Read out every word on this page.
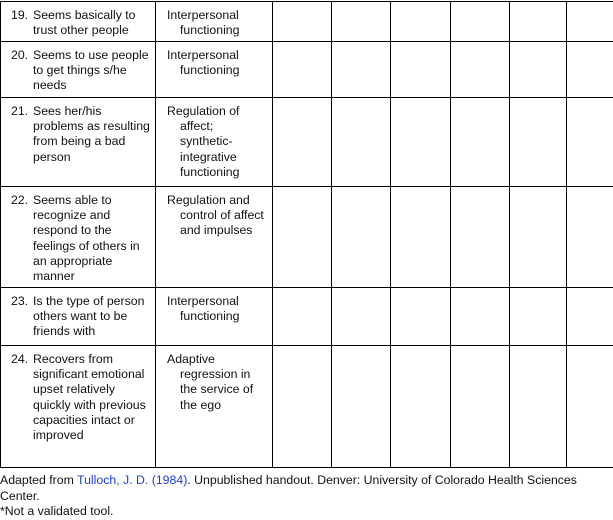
19. Seems basically to trust other people	Interpersonal functioning						

20. Seems to use people to get things s/he needs	Interpersonal functioning						

21. Sees her/his problems as resulting from being a bad person	Regulation of affect; synthetic-integrative functioning						

22. Seems able to recognize and respond to the feelings of others in an appropriate manner	Regulation and control of affect and impulses						

23. Is the type of person others want to be friends with	Interpersonal functioning						

24. Recovers from significant emotional upset relatively quickly with previous capacities intact or improved	Adaptive regression in the service of the ego						

Adapted from Tulloch, J. D. (1984). Unpublished handout. Denver: University of Colorado Health Sciences Center.
*Not a validated tool.
